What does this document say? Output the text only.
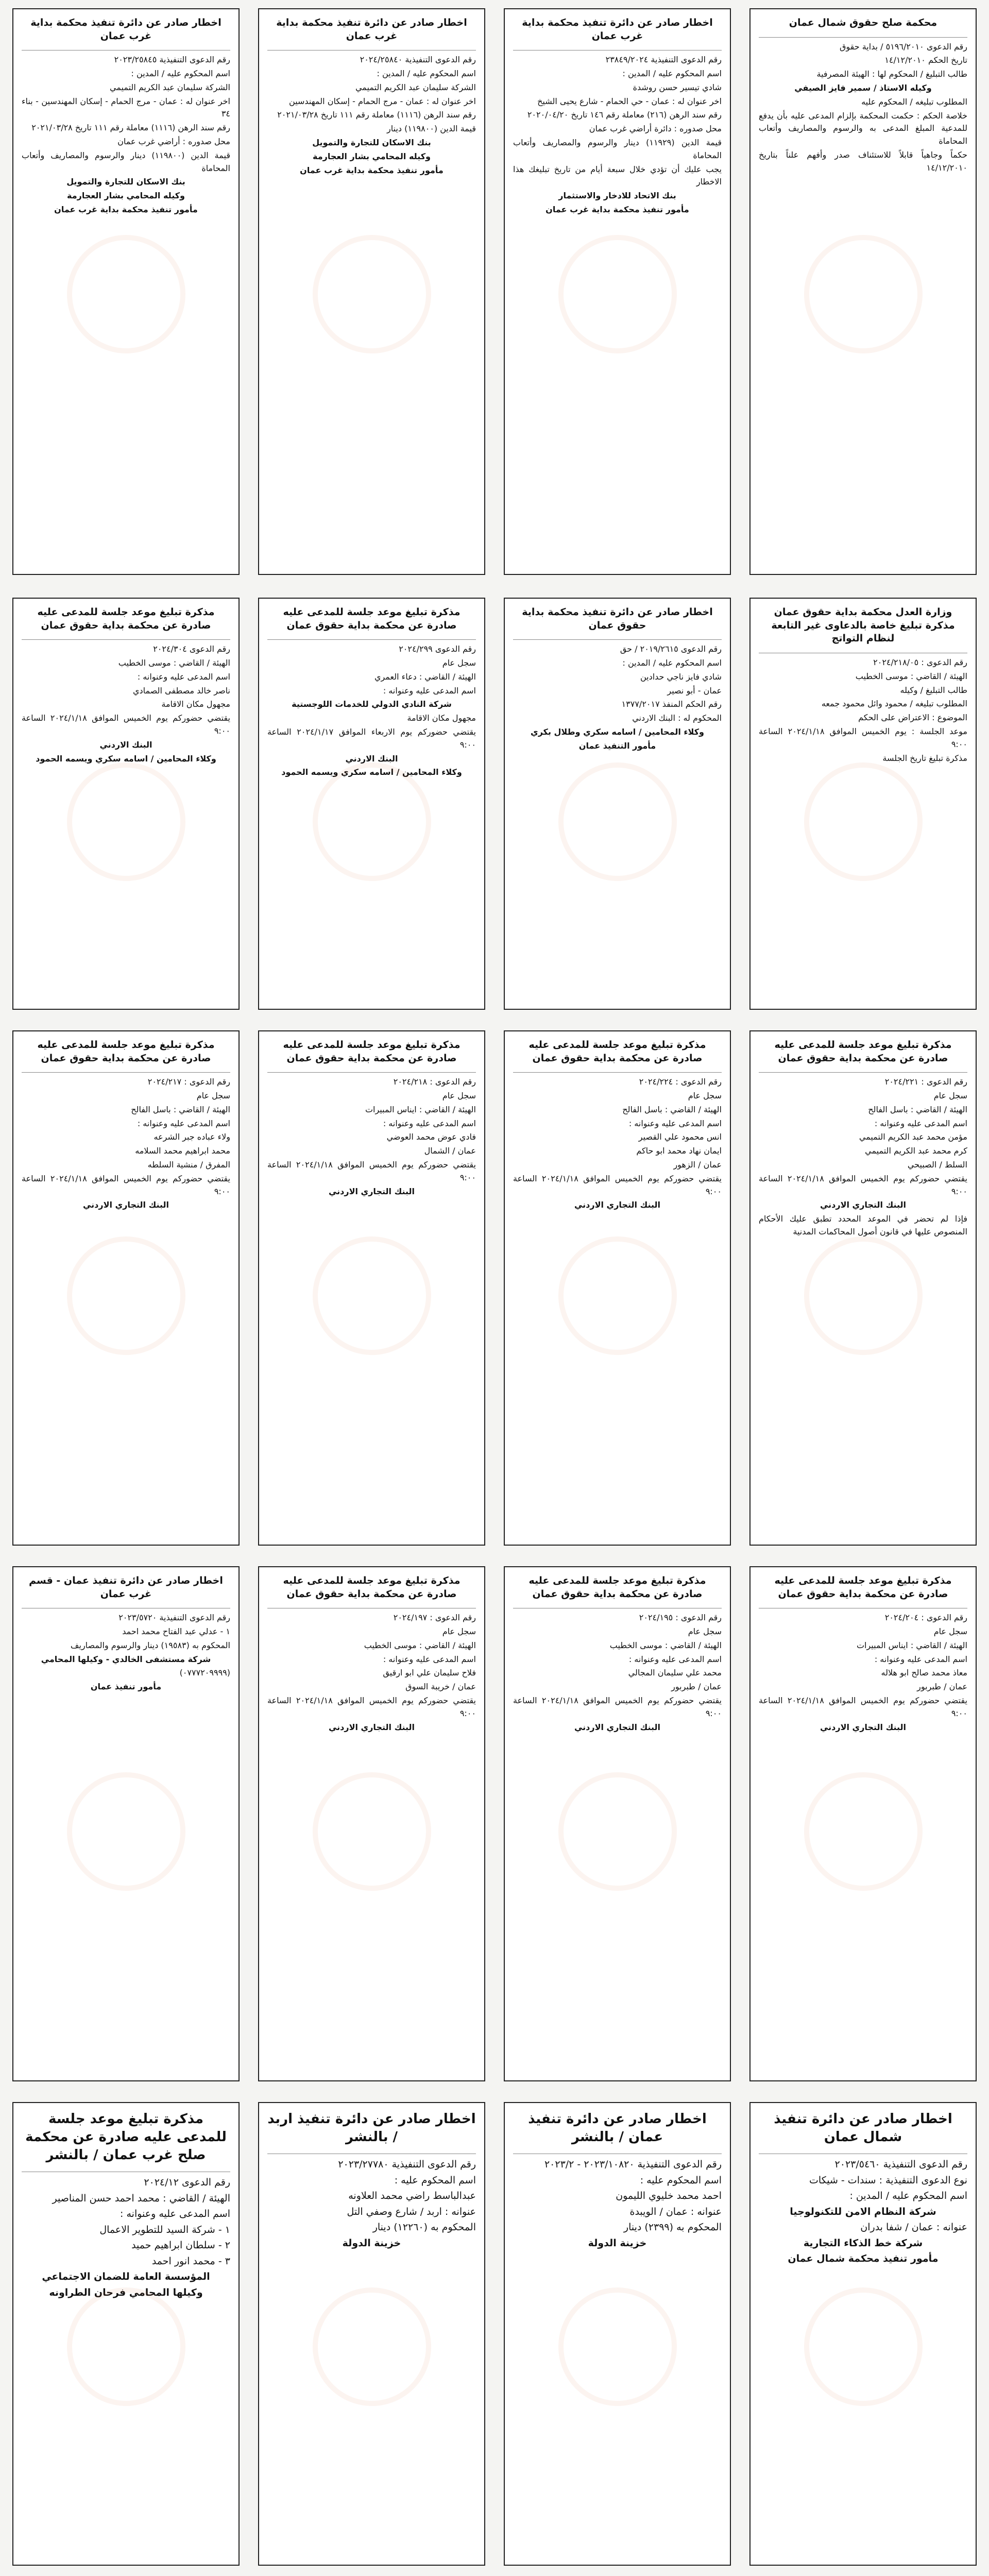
محكمة صلح حقوق شمال عمان
رقم الدعوى ٥١٩٦/٢٠١٠ / بداية حقوق
تاريخ الحكم ١٤/١٢/٢٠١٠
طالب التبليغ / المحكوم لها : الهيئة المصرفية
وكيله الاستاذ / سمير فايز الصيفي
المطلوب تبليغه / المحكوم عليه
خلاصة الحكم : حكمت المحكمة بإلزام المدعى عليه بأن يدفع للمدعية المبلغ المدعى به والرسوم والمصاريف وأتعاب المحاماة
حكماً وجاهياً قابلاً للاستئناف صدر وأفهم علناً بتاريخ ١٤/١٢/٢٠١٠
اخطار صادر عن دائرة تنفيذ محكمة بداية غرب عمان
رقم الدعوى التنفيذية ٢٣٨٤٩/٢٠٢٤
اسم المحكوم عليه / المدين :
شادي تيسير حسن روشدة
اخر عنوان له : عمان - حي الحمام - شارع يحيى الشيخ
رقم سند الرهن (٢١٦) معاملة رقم ١٤٦ تاريخ ٢٠٢٠/٠٤/٢٠
محل صدوره : دائرة أراضي غرب عمان
قيمة الدين (١١٩٢٩) دينار والرسوم والمصاريف وأتعاب المحاماة
يجب عليك أن تؤدي خلال سبعة أيام من تاريخ تبليغك هذا الاخطار
بنك الاتحاد للادخار والاستثمار
مأمور تنفيذ محكمة بداية غرب عمان
اخطار صادر عن دائرة تنفيذ محكمة بداية غرب عمان
رقم الدعوى التنفيذية ٢٠٢٤/٢٥٨٤٠
اسم المحكوم عليه / المدين :
الشركة سليمان عبد الكريم التميمي
اخر عنوان له : عمان - مرج الحمام - إسكان المهندسين
رقم سند الرهن (١١١٦) معاملة رقم ١١١ تاريخ ٢٠٢١/٠٣/٢٨
قيمة الدين (١١٩٨٠٠) دينار
بنك الاسكان للتجارة والتمويل
وكيله المحامي بشار العجارمة
مأمور تنفيذ محكمة بداية غرب عمان
اخطار صادر عن دائرة تنفيذ محكمة بداية غرب عمان
رقم الدعوى التنفيذية ٢٠٢٣/٢٥٨٤٥
اسم المحكوم عليه / المدين :
الشركة سليمان عبد الكريم التميمي
اخر عنوان له : عمان - مرج الحمام - إسكان المهندسين - بناء ٣٤
رقم سند الرهن (١١١٦) معاملة رقم ١١١ تاريخ ٢٠٢١/٠٣/٢٨
محل صدوره : أراضي غرب عمان
قيمة الدين (١١٩٨٠٠) دينار والرسوم والمصاريف وأتعاب المحاماة
بنك الاسكان للتجارة والتمويل
وكيله المحامي بشار العجارمة
مأمور تنفيذ محكمة بداية غرب عمان
وزارة العدل محكمة بداية حقوق عمان مذكرة تبليغ خاصة بالدعاوى غير التابعة لنظام التواتج
رقم الدعوى : ٢٠٢٤/٢١٨/٠٥
الهيئة / القاضي : موسى الخطيب
طالب التبليغ / وكيله
المطلوب تبليغه / محمود وائل محمود جمعه
الموضوع : الاعتراض على الحكم
موعد الجلسة : يوم الخميس الموافق ٢٠٢٤/١/١٨ الساعة ٩:٠٠
مذكرة تبليغ تاريخ الجلسة
اخطار صادر عن دائرة تنفيذ محكمة بداية حقوق عمان
رقم الدعوى ٢٠١٩/٢٦١٥ / حق
اسم المحكوم عليه / المدين :
شادي فايز ناجي حدادين
عمان - أبو نصير
رقم الحكم المنفذ ١٣٧٧/٢٠١٧
المحكوم له : البنك الاردني
وكلاء المحامين / اسامه سكري وطلال بكري
مأمور التنفيذ عمان
مذكرة تبليغ موعد جلسة للمدعى عليه صادرة عن محكمة بداية حقوق عمان
رقم الدعوى ٢٠٢٤/٢٩٩
سجل عام
الهيئة / القاضي : دعاء العمري
اسم المدعى عليه وعنوانه :
شركة النادي الدولي للخدمات اللوجستية
مجهول مكان الاقامة
يقتضي حضوركم يوم الاربعاء الموافق ٢٠٢٤/١/١٧ الساعة ٩:٠٠
البنك الاردني
وكلاء المحامين / اسامه سكري ويسمه الحمود
مذكرة تبليغ موعد جلسة للمدعى عليه صادرة عن محكمة بداية حقوق عمان
رقم الدعوى ٢٠٢٤/٣٠٤
الهيئة / القاضي : موسى الخطيب
اسم المدعى عليه وعنوانه :
ناصر خالد مصطفى الصمادي
مجهول مكان الاقامة
يقتضي حضوركم يوم الخميس الموافق ٢٠٢٤/١/١٨ الساعة ٩:٠٠
البنك الاردني
وكلاء المحامين / اسامه سكري ويسمه الحمود
مذكرة تبليغ موعد جلسة للمدعى عليه صادرة عن محكمة بداية حقوق عمان
رقم الدعوى : ٢٠٢٤/٢٢١
سجل عام
الهيئة / القاضي : باسل الفالح
اسم المدعى عليه وعنوانه :
مؤمن محمد عبد الكريم التميمي
كرم محمد عبد الكريم التميمي
السلط / الصبيحي
يقتضي حضوركم يوم الخميس الموافق ٢٠٢٤/١/١٨ الساعة ٩:٠٠
البنك التجاري الاردني
فإذا لم تحضر في الموعد المحدد تطبق عليك الأحكام المنصوص عليها في قانون أصول المحاكمات المدنية
مذكرة تبليغ موعد جلسة للمدعى عليه صادرة عن محكمة بداية حقوق عمان
رقم الدعوى : ٢٠٢٤/٢٢٤
سجل عام
الهيئة / القاضي : باسل الفالح
اسم المدعى عليه وعنوانه :
انس محمود علي القصير
ايمان نهاد محمد ابو حاكم
عمان / الزهور
يقتضي حضوركم يوم الخميس الموافق ٢٠٢٤/١/١٨ الساعة ٩:٠٠
البنك التجاري الاردني
مذكرة تبليغ موعد جلسة للمدعى عليه صادرة عن محكمة بداية حقوق عمان
رقم الدعوى : ٢٠٢٤/٢١٨
سجل عام
الهيئة / القاضي : ايناس المبيرات
اسم المدعى عليه وعنوانه :
فادي عوض محمد العوضي
عمان / الشمال
يقتضي حضوركم يوم الخميس الموافق ٢٠٢٤/١/١٨ الساعة ٩:٠٠
البنك التجاري الاردني
مذكرة تبليغ موعد جلسة للمدعى عليه صادرة عن محكمة بداية حقوق عمان
رقم الدعوى : ٢٠٢٤/٢١٧
سجل عام
الهيئة / القاضي : باسل الفالح
اسم المدعى عليه وعنوانه :
ولاء عباده جبر الشرعه
محمد ابراهيم محمد السلامه
المفرق / منشية السلطه
يقتضي حضوركم يوم الخميس الموافق ٢٠٢٤/١/١٨ الساعة ٩:٠٠
البنك التجاري الاردني
مذكرة تبليغ موعد جلسة للمدعى عليه صادرة عن محكمة بداية حقوق عمان
رقم الدعوى : ٢٠٢٤/٢٠٤
سجل عام
الهيئة / القاضي : ايناس المبيرات
اسم المدعى عليه وعنوانه :
معاذ محمد صالح ابو هلاله
عمان / طبربور
يقتضي حضوركم يوم الخميس الموافق ٢٠٢٤/١/١٨ الساعة ٩:٠٠
البنك التجاري الاردني
مذكرة تبليغ موعد جلسة للمدعى عليه صادرة عن محكمة بداية حقوق عمان
رقم الدعوى : ٢٠٢٤/١٩٥
سجل عام
الهيئة / القاضي : موسى الخطيب
اسم المدعى عليه وعنوانه :
محمد علي سليمان المجالي
عمان / طبربور
يقتضي حضوركم يوم الخميس الموافق ٢٠٢٤/١/١٨ الساعة ٩:٠٠
البنك التجاري الاردني
مذكرة تبليغ موعد جلسة للمدعى عليه صادرة عن محكمة بداية حقوق عمان
رقم الدعوى : ٢٠٢٤/١٩٧
سجل عام
الهيئة / القاضي : موسى الخطيب
اسم المدعى عليه وعنوانه :
فلاح سليمان علي ابو ارقيق
عمان / خريبة السوق
يقتضي حضوركم يوم الخميس الموافق ٢٠٢٤/١/١٨ الساعة ٩:٠٠
البنك التجاري الاردني
اخطار صادر عن دائرة تنفيذ عمان - قسم غرب عمان
رقم الدعوى التنفيذية ٢٠٢٣/٥٧٢٠
١ - عدلي عبد الفتاح محمد احمد
المحكوم به (١٩٥٨٣) دينار والرسوم والمصاريف
شركة مستشفى الخالدي - وكيلها المحامي
(٠٧٧٧٢٠٩٩٩٩)
مأمور تنفيذ عمان
اخطار صادر عن دائرة تنفيذ شمال عمان
رقم الدعوى التنفيذية ٢٠٢٣/٥٤٦٠
نوع الدعوى التنفيذية : سندات - شيكات
اسم المحكوم عليه / المدين :
شركة النظام الامن للتكنولوجيا
عنوانه : عمان / شفا بدران
شركة خط الذكاء التجارية
مأمور تنفيذ محكمة شمال عمان
اخطار صادر عن دائرة تنفيذ عمان / بالنشر
رقم الدعوى التنفيذية ٢٠٢٣/١٠٨٢٠ - ٢٠٢٣/٢
اسم المحكوم عليه :
احمد محمد خليوي الليمون
عنوانه : عمان / الويبدة
المحكوم به (٢٣٩٩) دينار
خزينة الدولة
اخطار صادر عن دائرة تنفيذ اربد / بالنشر
رقم الدعوى التنفيذية ٢٠٢٣/٢٧٧٨٠
اسم المحكوم عليه :
عبدالباسط راضي محمد العلاونه
عنوانه : اربد / شارع وصفي التل
المحكوم به (١٢٢٦٠) دينار
خزينة الدولة
مذكرة تبليغ موعد جلسة للمدعى عليه صادرة عن محكمة صلح غرب عمان / بالنشر
رقم الدعوى ٢٠٢٤/١٢
الهيئة / القاضي : محمد احمد حسن المناصير
اسم المدعى عليه وعنوانه :
١ - شركة السيد للتطوير الاعمال
٢ - سلطان ابراهيم حميد
٣ - محمد انور احمد
المؤسسة العامة للضمان الاجتماعي
وكيلها المحامي فرحان الطراونه
